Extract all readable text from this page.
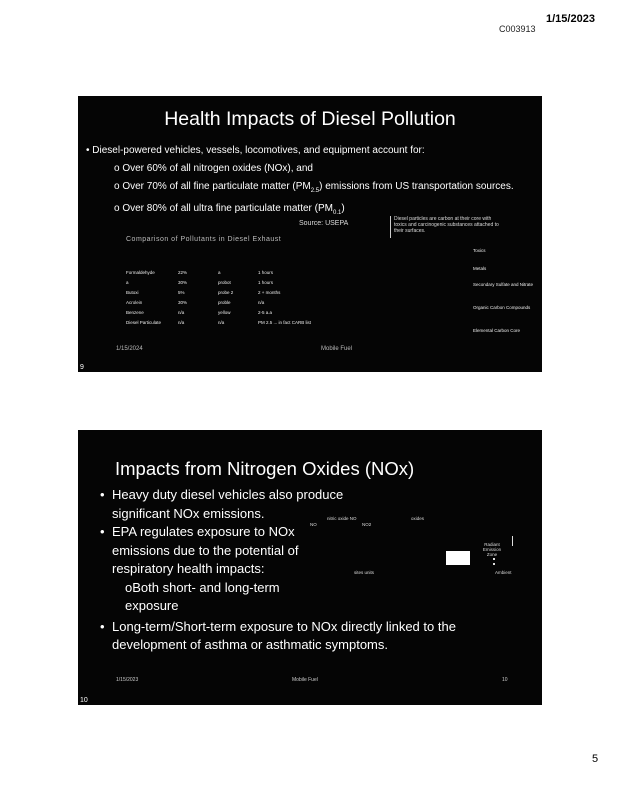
C003913
1/15/2023
Health Impacts of Diesel Pollution
• Diesel-powered vehicles, vessels, locomotives, and equipment account for:
o Over 60% of all nitrogen oxides (NOx), and
o Over 70% of all fine particulate matter $(PM_{2.5})$ emissions from US transportation sources.
o Over 80% of all ultra fine particulate matter $(PM_{0.1})$
Source: USEPA
Diesel particles are carbon at their core with toxics and carcinogenic substances attached to their surfaces.
Comparison of Pollutants in Diesel Exhaust
1/15/2024	Mobile Fuel
9
Formaldehyde	22%	a	1 hours
a	30%	probot	1 hours
Butoxi	5%	probe 2	2 + months
Acrolein	30%	proble	n/a
Benzene	n/a	yellow	2-5 a.a
Diesel Particulate	n/a	n/a	PM 2.5 ... in fact CARB list
Toxics
Metals
Secondary Sulfate and Nitrate
Organic Carbon Compounds
Elemental Carbon Core
Impacts from Nitrogen Oxides (NOx)
• Heavy duty diesel vehicles also produce significant NOx emissions.
• EPA regulates exposure to NOx emissions due to the potential of respiratory health impacts:
oBoth short- and long-term exposure
• Long-term/Short-term exposure to NOx directly linked to the development of asthma or asthmatic symptoms.
nitric oxide NO
NO	NO2
oxides
Radiant Emission Zone
sites units	Ambient
1/15/2023	Mobile Fuel	10
10
5
